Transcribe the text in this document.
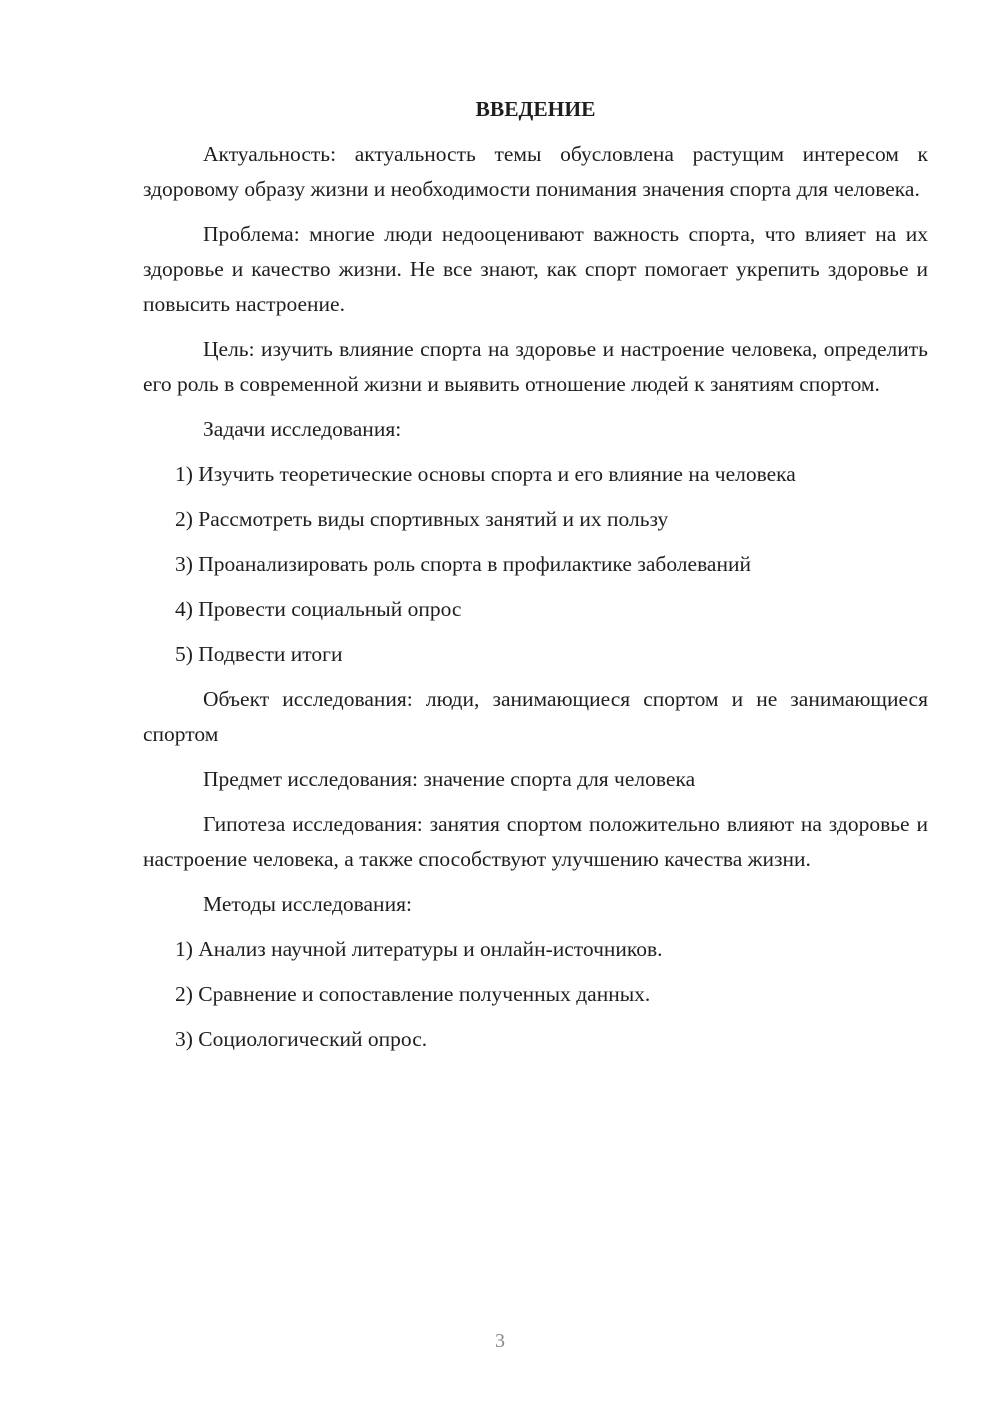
ВВЕДЕНИЕ
Актуальность: актуальность темы обусловлена растущим интересом к здоровому образу жизни и необходимости понимания значения спорта для человека.
Проблема: многие люди недооценивают важность спорта, что влияет на их здоровье и качество жизни. Не все знают, как спорт помогает укрепить здоровье и повысить настроение.
Цель: изучить влияние спорта на здоровье и настроение человека, определить его роль в современной жизни и выявить отношение людей к занятиям спортом.
Задачи исследования:
1) Изучить теоретические основы спорта и его влияние на человека
2) Рассмотреть виды спортивных занятий и их пользу
3) Проанализировать роль спорта в профилактике заболеваний
4) Провести социальный опрос
5) Подвести итоги
Объект исследования: люди, занимающиеся спортом и не занимающиеся спортом
Предмет исследования: значение спорта для человека
Гипотеза исследования: занятия спортом положительно влияют на здоровье и настроение человека, а также способствуют улучшению качества жизни.
Методы исследования:
1) Анализ научной литературы и онлайн-источников.
2) Сравнение и сопоставление полученных данных.
3) Социологический опрос.
3
